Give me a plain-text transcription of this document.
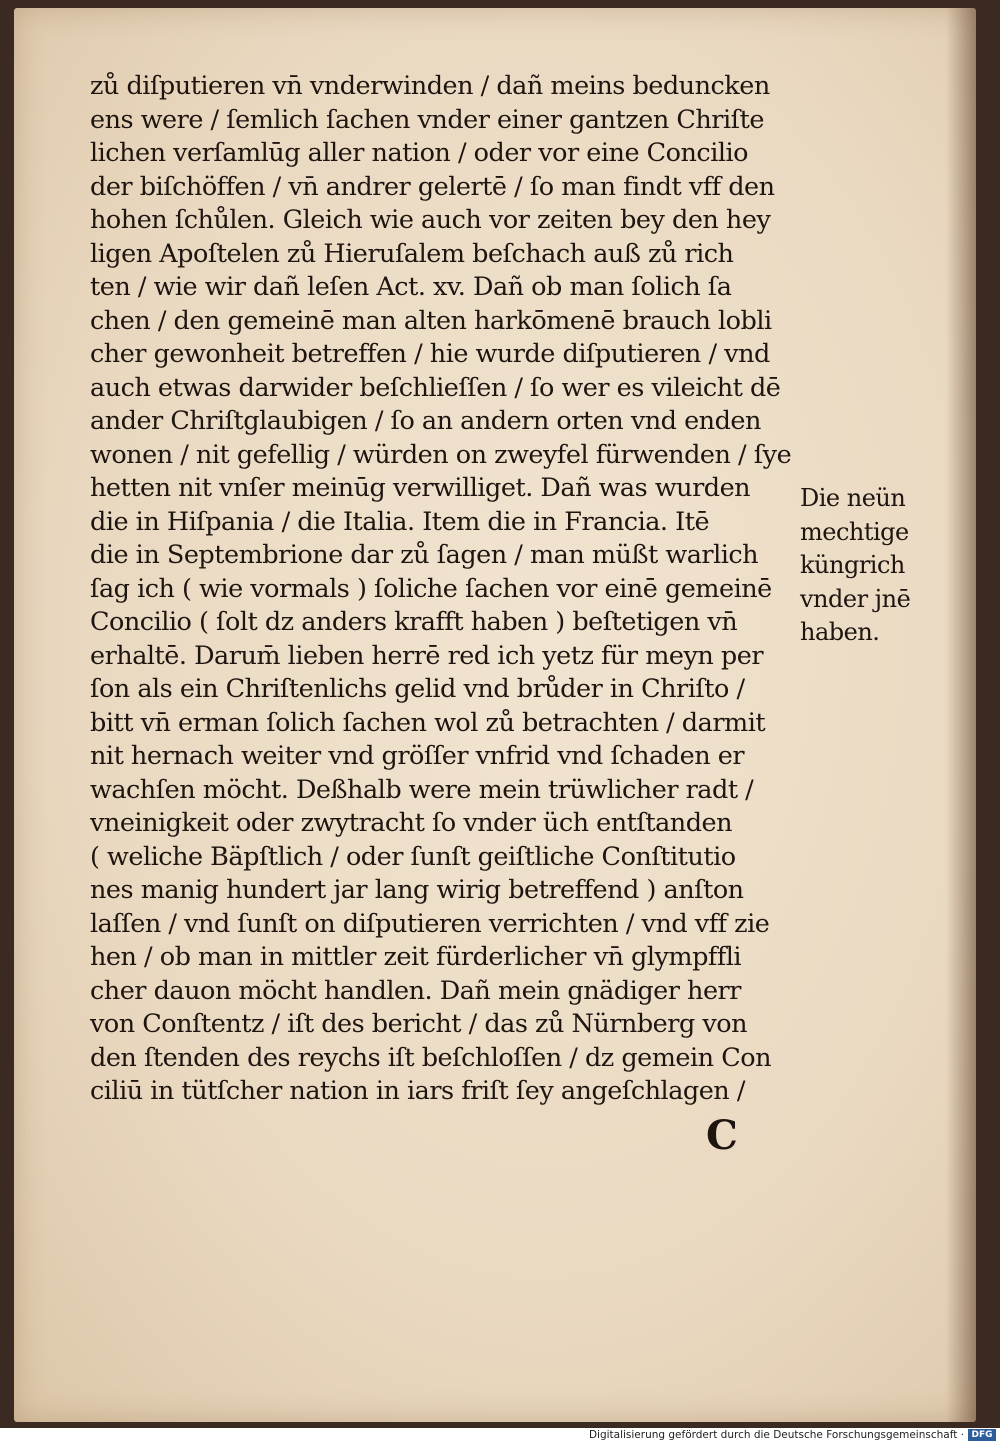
zů diſputieren vn̄ vnderwinden / dañ meins beduncken
ens were / ſemlich ſachen vnder einer gantzen Chriſte
lichen verſamlūg aller nation / oder vor eine Concilio
der biſchöffen / vn̄ andrer gelertē / ſo man findt vff den
hohen ſchůlen. Gleich wie auch vor zeiten bey den hey
ligen Apoſtelen zů Hieruſalem beſchach auß zů rich
ten / wie wir dañ leſen Act. xv. Dañ ob man ſolich ſa
chen / den gemeinē man alten harkōmenē brauch lobli
cher gewonheit betreffen / hie wurde diſputieren / vnd
auch etwas darwider beſchlieſſen / ſo wer es vileicht dē
ander Chriſtglaubigen / ſo an andern orten vnd enden
wonen / nit gefellig / würden on zweyfel fürwenden / ſye
hetten nit vnſer meinūg verwilliget. Dañ was wurden
die in Hiſpania / die Italia. Item die in Francia. Itē
die in Septembrione dar zů ſagen / man müßt warlich
ſag ich ( wie vormals ) ſoliche ſachen vor einē gemeinē
Concilio ( ſolt dz anders krafft haben ) beſtetigen vn̄
erhaltē. Darum̄ lieben herrē red ich yetz für meyn per
ſon als ein Chriſtenlichs gelid vnd brůder in Chriſto /
bitt vn̄ erman ſolich ſachen wol zů betrachten / darmit
nit hernach weiter vnd gröſſer vnfrid vnd ſchaden er
wachſen möcht. Deßhalb were mein trüwlicher radt /
vneinigkeit oder zwytracht ſo vnder üch entſtanden
( weliche Bäpſtlich / oder ſunſt geiſtliche Conſtitutio
nes manig hundert jar lang wirig betreffend ) anſton
laſſen / vnd ſunſt on diſputieren verrichten / vnd vff zie
hen / ob man in mittler zeit fürderlicher vn̄ glympffli
cher dauon möcht handlen. Dañ mein gnädiger herr
von Conſtentz / iſt des bericht / das zů Nürnberg von
den ſtenden des reychs iſt beſchloſſen / dz gemein Con
ciliū in tütſcher nation in iars friſt ſey angeſchlagen /
Die neün
mechtige
küngrich
vnder jnē
haben.
C
Digitalisierung gefördert durch die Deutsche Forschungsgemeinschaft · DFG
